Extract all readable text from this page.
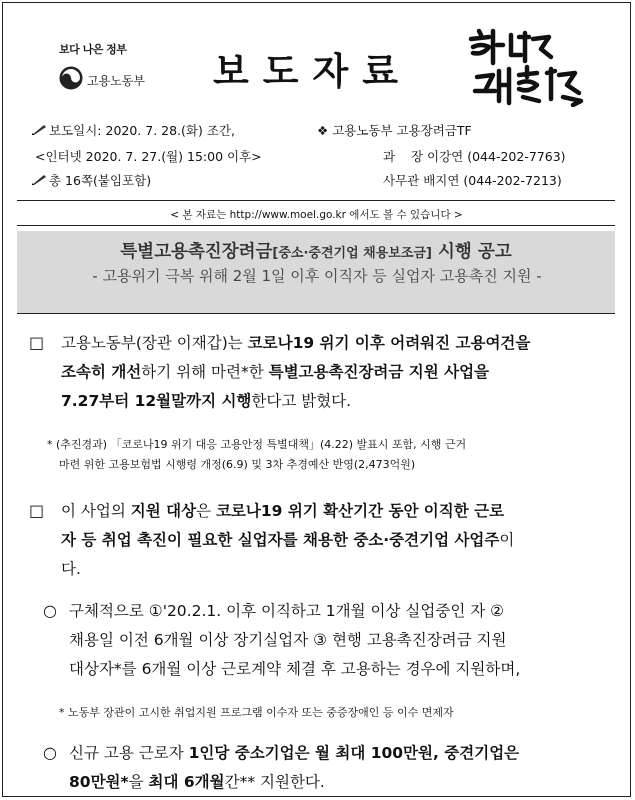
보다 나은 정부
고용노동부 보도자료
보도일시: 2020. 7. 28.(화) 조간,
<인터넷 2020. 7. 27.(월) 15:00 이후>
총 16쪽(붙임포함)
❖ 고용노동부 고용장려금TF
과    장 이강연 (044-202-7763)
사무관 배지연 (044-202-7213)
< 본 자료는 http://www.moel.go.kr 에서도 볼 수 있습니다 >
특별고용촉진장려금[중소·중견기업 채용보조금] 시행 공고
- 고용위기 극복 위해 2월 1일 이후 이직자 등 실업자 고용촉진 지원 -
□ 고용노동부(장관 이재갑)는 코로나19 위기 이후 어려워진 고용여건을
조속히 개선하기 위해 마련*한 특별고용촉진장려금 지원 사업을
7.27부터 12월말까지 시행한다고 밝혔다.
* (추진경과) 「코로나19 위기 대응 고용안정 특별대책」(4.22) 발표시 포함, 시행 근거
마련 위한 고용보험법 시행령 개정(6.9) 및 3차 추경예산 반영(2,473억원)
□ 이 사업의 지원 대상은 코로나19 위기 확산기간 동안 이직한 근로
자 등 취업 촉진이 필요한 실업자를 채용한 중소·중견기업 사업주이
다.
○ 구체적으로 ①'20.2.1. 이후 이직하고 1개월 이상 실업중인 자 ②
채용일 이전 6개월 이상 장기실업자 ③ 현행 고용촉진장려금 지원
대상자*를 6개월 이상 근로계약 체결 후 고용하는 경우에 지원하며,
* 노동부 장관이 고시한 취업지원 프로그램 이수자 또는 중증장애인 등 이수 면제자
○ 신규 고용 근로자 1인당 중소기업은 월 최대 100만원, 중견기업은
80만원*을 최대 6개월간** 지원한다.
